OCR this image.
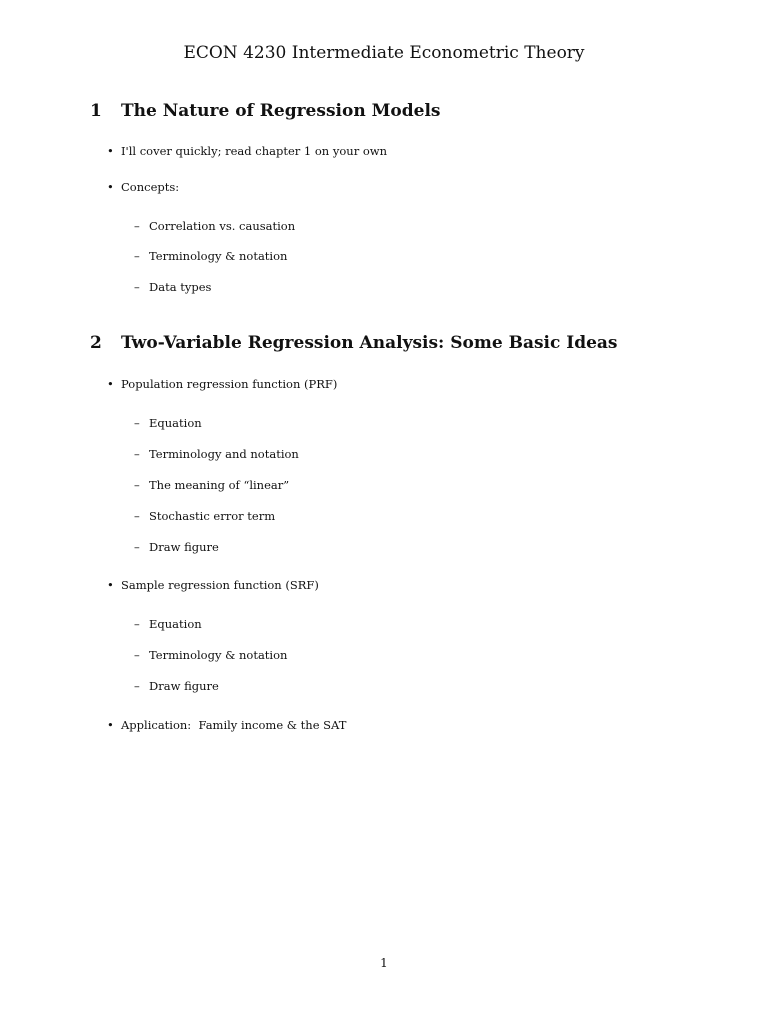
ECON 4230 Intermediate Econometric Theory
1 The Nature of Regression Models
• I'll cover quickly; read chapter 1 on your own
• Concepts:
– Correlation vs. causation
– Terminology & notation
– Data types
2 Two-Variable Regression Analysis: Some Basic Ideas
• Population regression function (PRF)
– Equation
– Terminology and notation
– The meaning of “linear”
– Stochastic error term
– Draw figure
• Sample regression function (SRF)
– Equation
– Terminology & notation
– Draw figure
• Application:  Family income & the SAT
1
